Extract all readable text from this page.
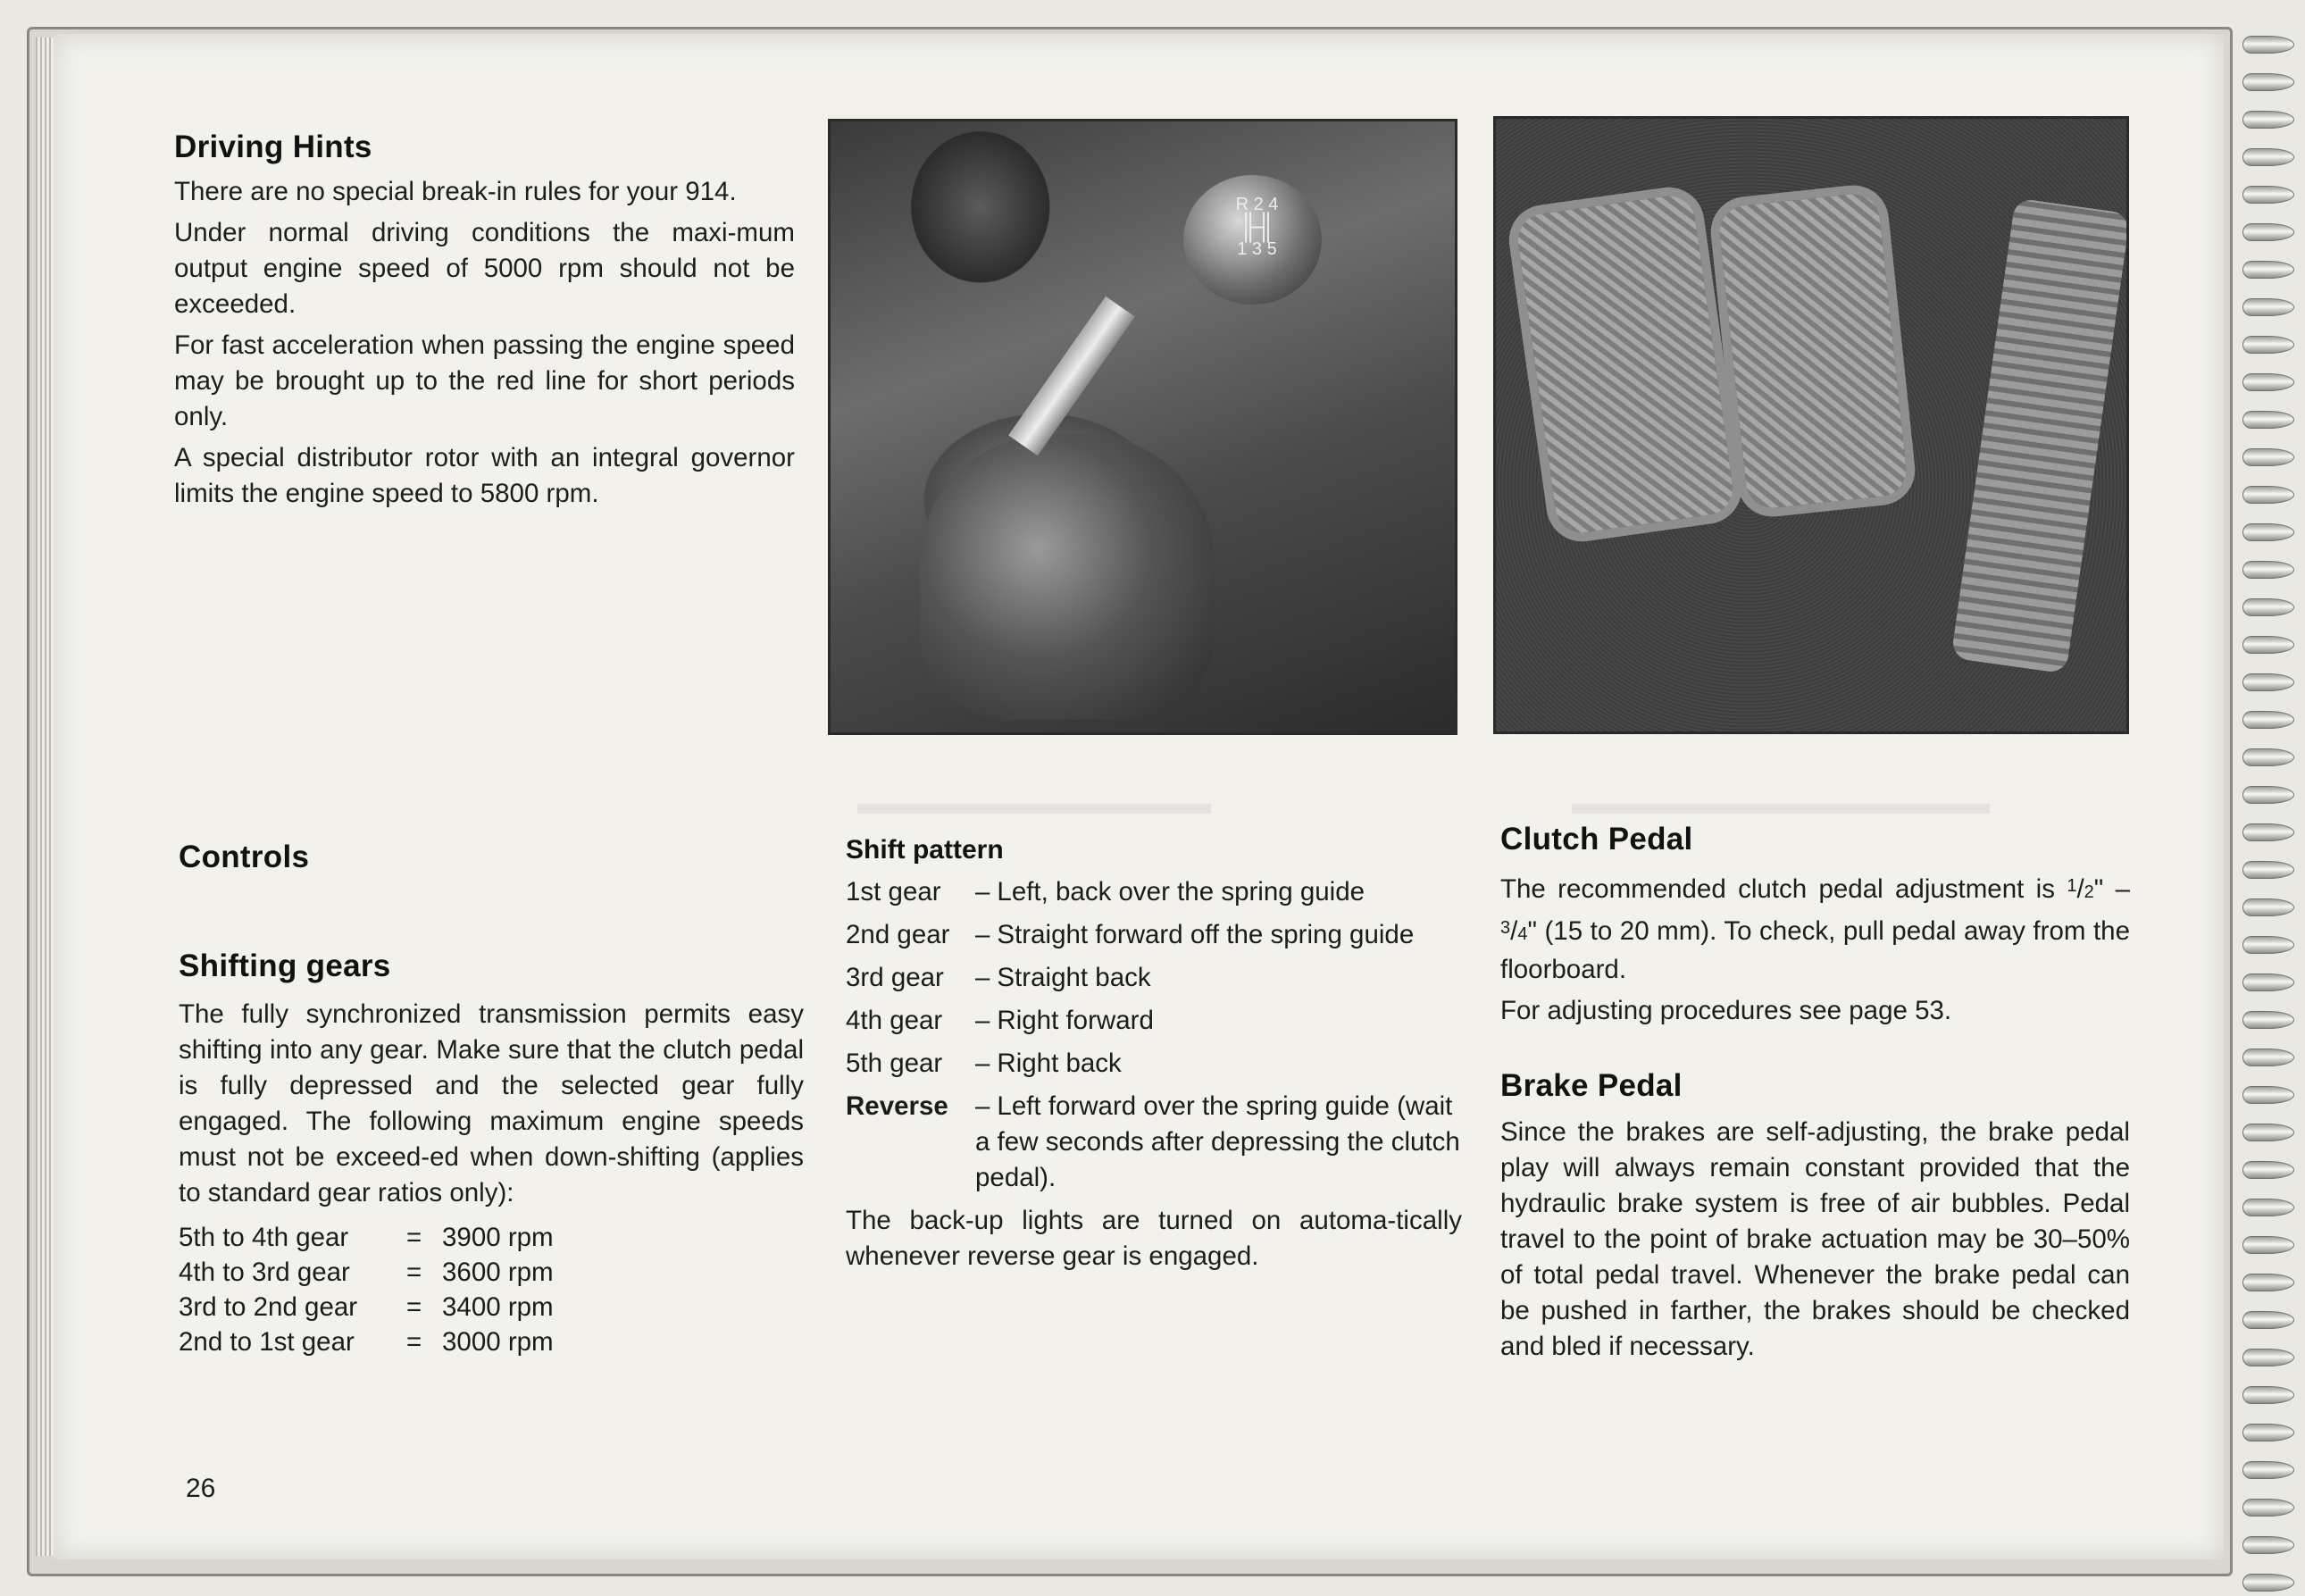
▬▬▬▬▬▬▬▬▬▬▬▬▬
▬▬▬▬▬▬▬▬▬▬▬
Driving Hints

There are no special break-in rules for your 914.

Under normal driving conditions the maxi-mum output engine speed of 5000 rpm should not be exceeded.

For fast acceleration when passing the engine speed may be brought up to the red line for short periods only.

A special distributor rotor with an integral governor limits the engine speed to 5800 rpm.

Controls
Shifting gears

The fully synchronized transmission permits easy shifting into any gear. Make sure that the clutch pedal is fully depressed and the selected gear fully engaged. The following maximum engine speeds must not be exceed-ed when down-shifting (applies to standard gear ratios only):

5th to 4th gear	= 3900 rpm
4th to 3rd gear	= 3600 rpm
3rd to 2nd gear	= 3400 rpm
2nd to 1st gear	= 3000 rpm
R 2 4
╟╢
1 3 5
Shift pattern
1st gear	– Left, back over the spring guide
2nd gear – Straight forward off the spring guide
3rd gear	– Straight back
4th gear	– Right forward
5th gear	– Right back
Reverse	– Left forward over the spring guide (wait a few seconds after depressing the clutch pedal).

The back-up lights are turned on automa-tically whenever reverse gear is engaged.

Clutch Pedal

The recommended clutch pedal adjustment is $^1$/2" – $^3$/4" (15 to 20 mm). To check, pull pedal away from the floorboard.

For adjusting procedures see page 53.

Brake Pedal

Since the brakes are self-adjusting, the brake pedal play will always remain constant provided that the hydraulic brake system is free of air bubbles. Pedal travel to the point of brake actuation may be 30–50% of total pedal travel. Whenever the brake pedal can be pushed in farther, the brakes should be checked and bled if necessary.

26
